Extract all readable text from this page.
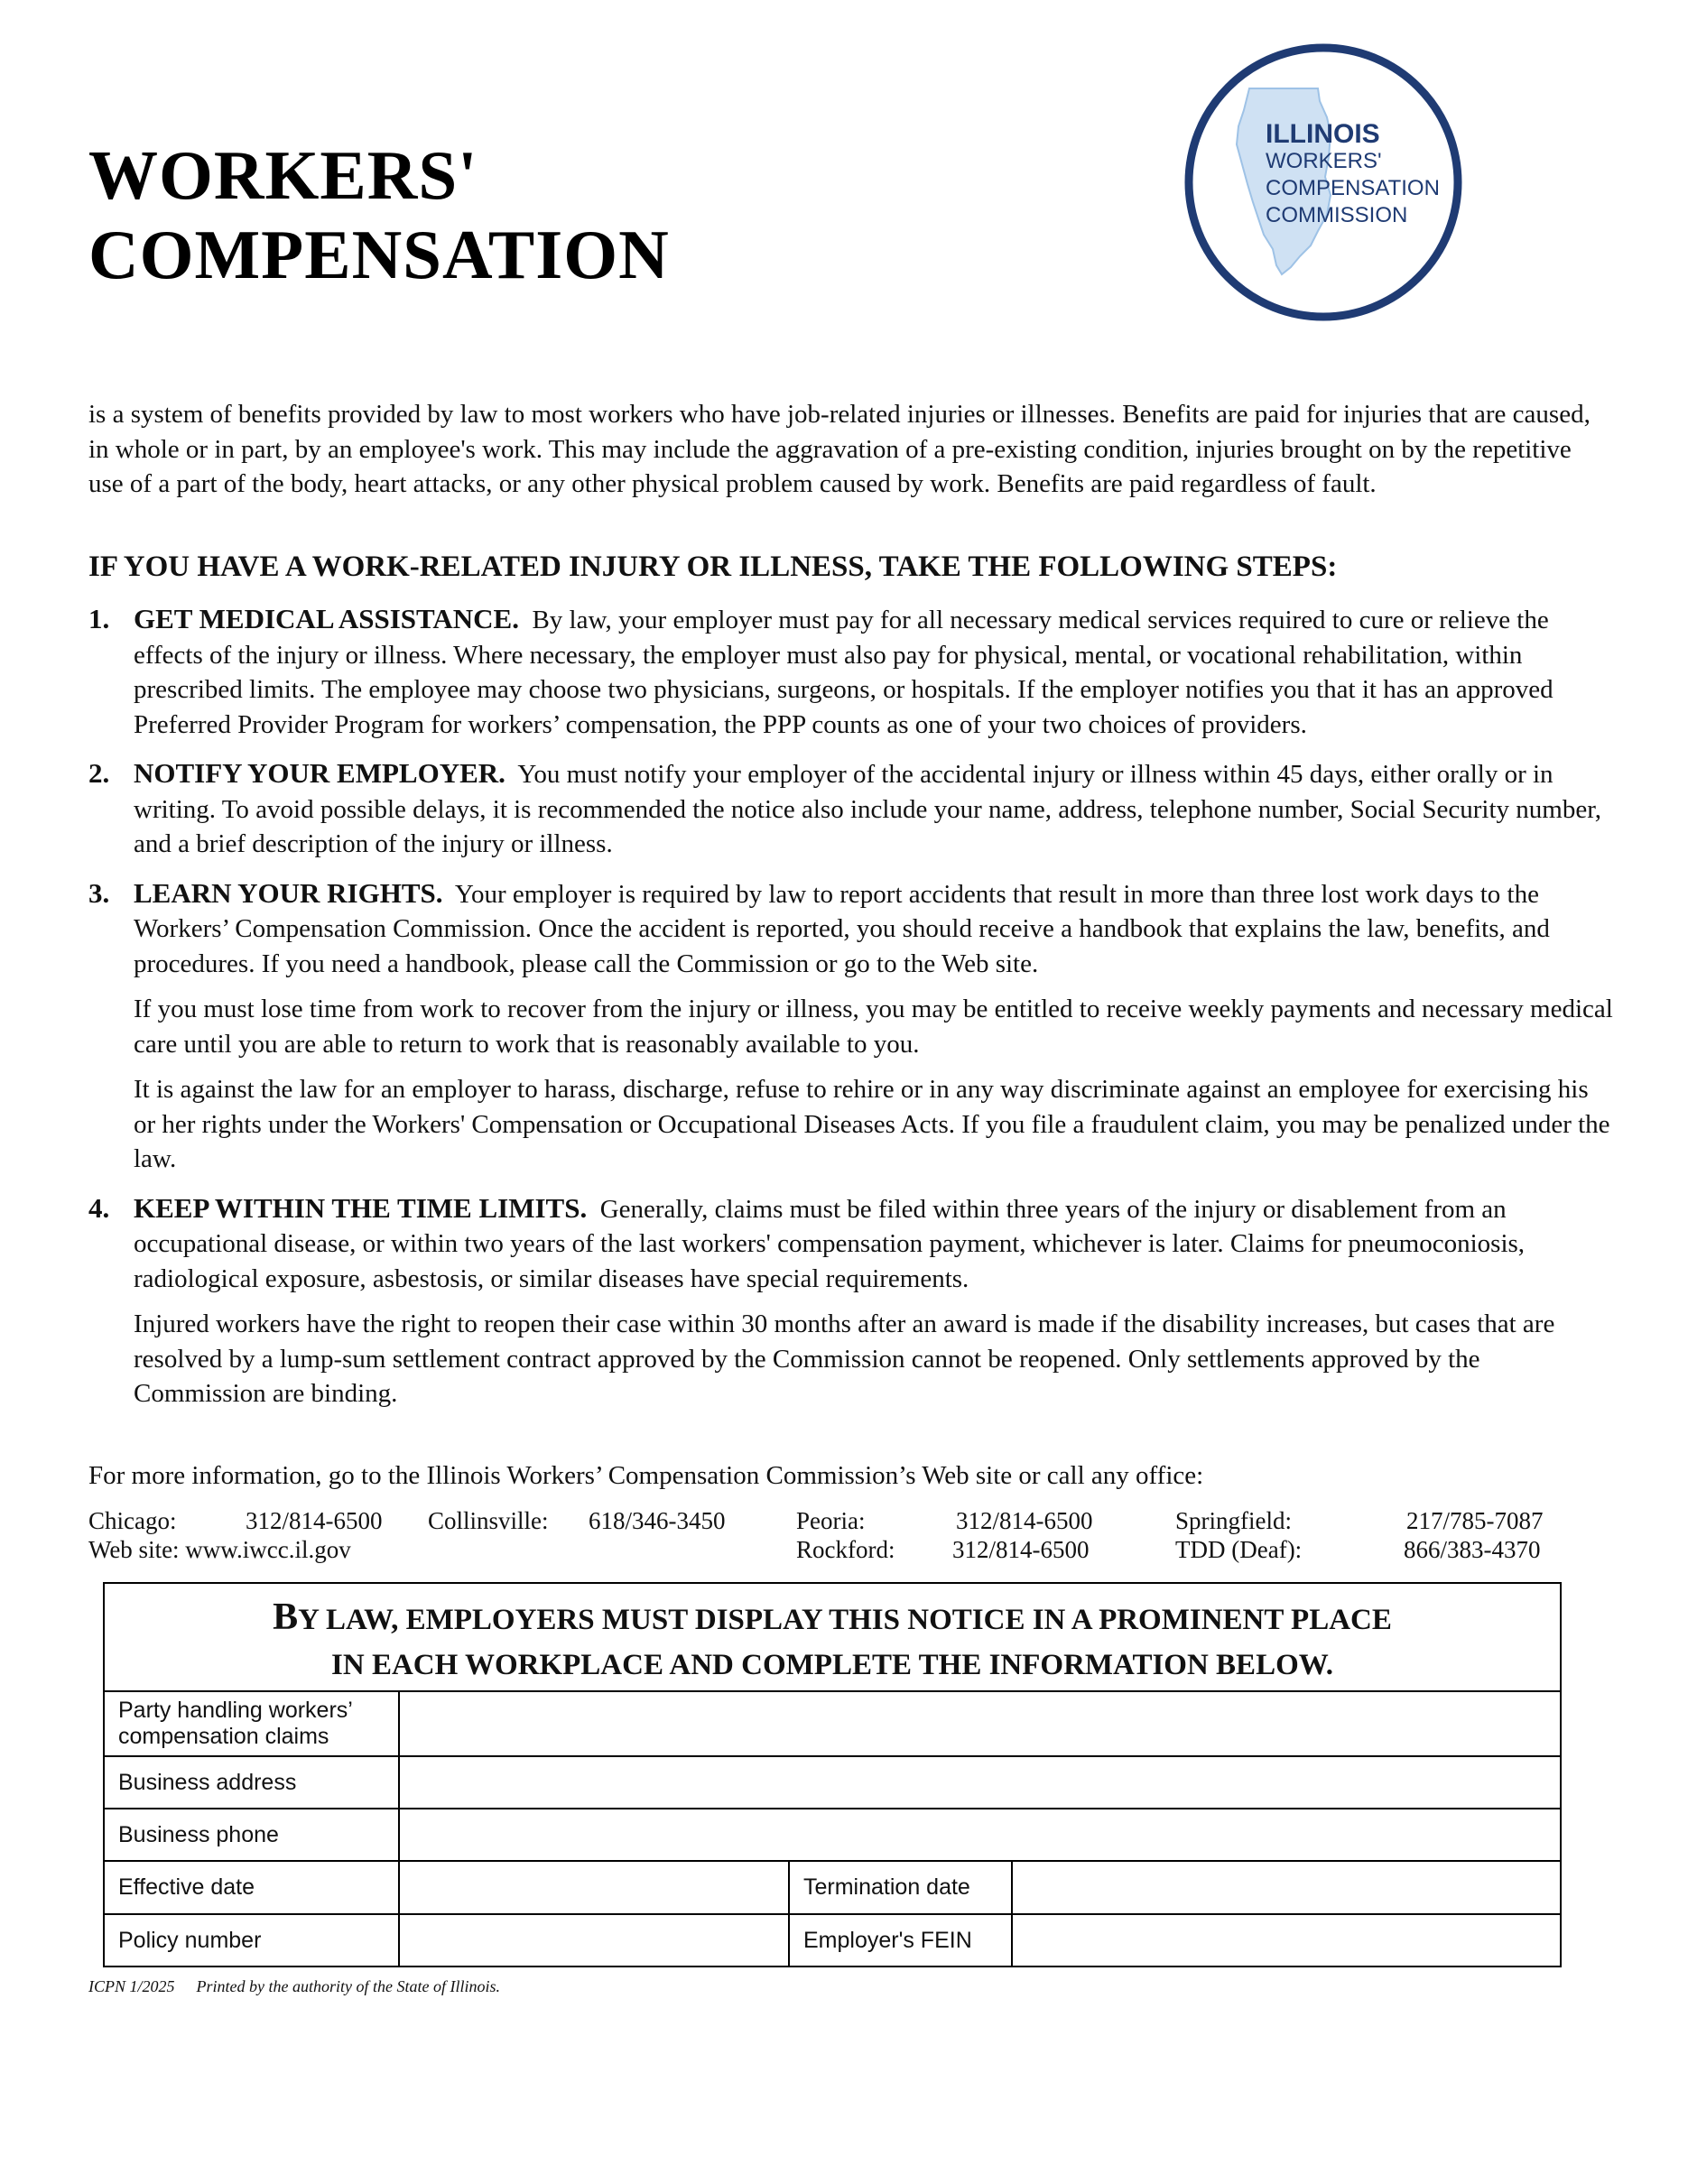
WORKERS'
COMPENSATION
ILLINOIS
WORKERS'
COMPENSATION
COMMISSION
is a system of benefits provided by law to most workers who have job-related injuries or illnesses. Benefits are paid for injuries that are caused, in whole or in part, by an employee's work. This may include the aggravation of a pre-existing condition, injuries brought on by the repetitive use of a part of the body, heart attacks, or any other physical problem caused by work. Benefits are paid regardless of fault.
IF YOU HAVE A WORK-RELATED INJURY OR ILLNESS, TAKE THE FOLLOWING STEPS:
1. GET MEDICAL ASSISTANCE. By law, your employer must pay for all necessary medical services required to cure or relieve the effects of the injury or illness. Where necessary, the employer must also pay for physical, mental, or vocational rehabilitation, within prescribed limits. The employee may choose two physicians, surgeons, or hospitals. If the employer notifies you that it has an approved Preferred Provider Program for workers’ compensation, the PPP counts as one of your two choices of providers.

2. NOTIFY YOUR EMPLOYER. You must notify your employer of the accidental injury or illness within 45 days, either orally or in writing. To avoid possible delays, it is recommended the notice also include your name, address, telephone number, Social Security number, and a brief description of the injury or illness.

3. LEARN YOUR RIGHTS. Your employer is required by law to report accidents that result in more than three lost work days to the Workers’ Compensation Commission. Once the accident is reported, you should receive a handbook that explains the law, benefits, and procedures. If you need a handbook, please call the Commission or go to the Web site.

If you must lose time from work to recover from the injury or illness, you may be entitled to receive weekly payments and necessary medical care until you are able to return to work that is reasonably available to you.

It is against the law for an employer to harass, discharge, refuse to rehire or in any way discriminate against an employee for exercising his or her rights under the Workers' Compensation or Occupational Diseases Acts. If you file a fraudulent claim, you may be penalized under the law.

4. KEEP WITHIN THE TIME LIMITS. Generally, claims must be filed within three years of the injury or disablement from an occupational disease, or within two years of the last workers' compensation payment, whichever is later. Claims for pneumoconiosis, radiological exposure, asbestosis, or similar diseases have special requirements.

Injured workers have the right to reopen their case within 30 months after an award is made if the disability increases, but cases that are resolved by a lump-sum settlement contract approved by the Commission cannot be reopened. Only settlements approved by the Commission are binding.

For more information, go to the Illinois Workers’ Compensation Commission’s Web site or call any office:
Chicago:	312/814-6500 Collinsville: 618/346-3450	Peoria:	312/814-6500	Springfield:	217/785-7087
Web site: www.iwcc.il.gov	Rockford: 312/814-6500	TDD (Deaf):	866/383-4370
BY LAW, EMPLOYERS MUST DISPLAY THIS NOTICE IN A PROMINENT PLACE
IN EACH WORKPLACE AND COMPLETE THE INFORMATION BELOW.
Party handling workers’
compensation claims
Business address
Business phone
Effective date	Termination date
Policy number	Employer's FEIN
ICPN 1/2025 Printed by the authority of the State of Illinois.
